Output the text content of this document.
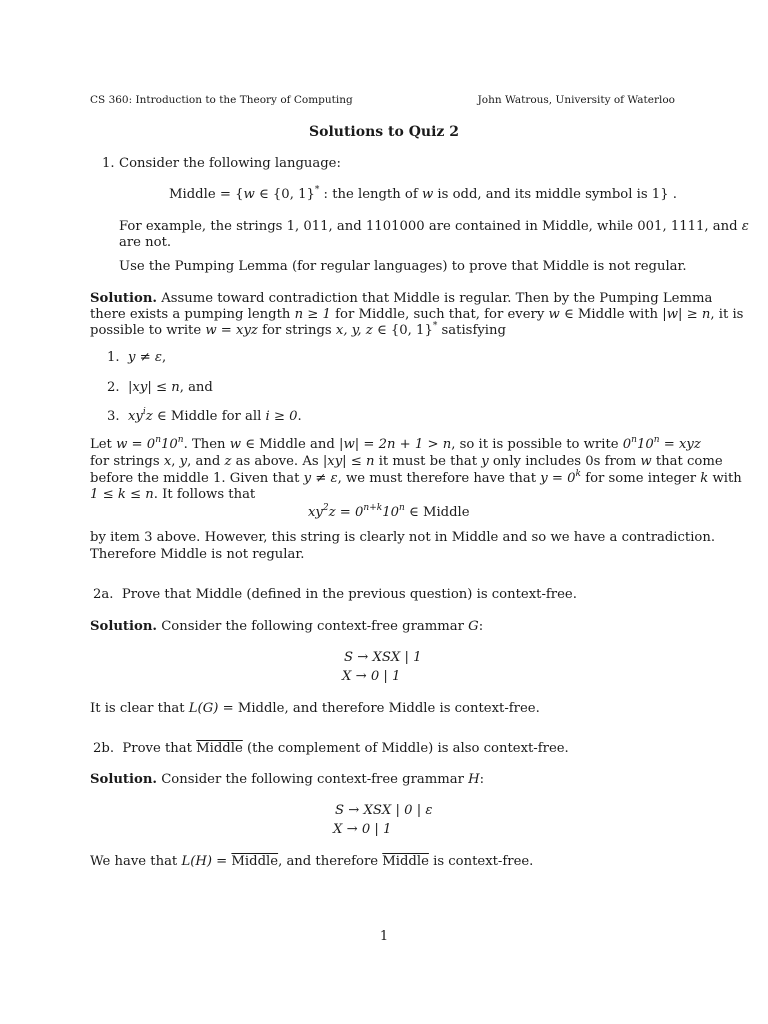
CS 360: Introduction to the Theory of Computing	John Watrous, University of Waterloo
Solutions to Quiz 2
1. Consider the following language:
Middle = {w ∈ {0, 1}* : the length of w is odd, and its middle symbol is 1} .
For example, the strings 1, 011, and 1101000 are contained in Middle, while 001, 1111, and ε
are not.
Use the Pumping Lemma (for regular languages) to prove that Middle is not regular.
Solution. Assume toward contradiction that Middle is regular. Then by the Pumping Lemma
there exists a pumping length n ≥ 1 for Middle, such that, for every w ∈ Middle with |w| ≥ n, it is
possible to write w = xyz for strings x, y, z ∈ {0, 1}* satisfying
1. y ≠ ε,
2. |xy| ≤ n, and
3. $xy^iz$ ∈ Middle for all i ≥ 0.
Let $w = 0^n10^n$. Then w ∈ Middle and |w| = 2n + 1 > n, so it is possible to write $0^n10^n$ = xyz
for strings x, y, and z as above. As |xy| ≤ n it must be that y only includes 0s from w that come
before the middle 1. Given that y ≠ ε, we must therefore have that $y = 0^k$ for some integer k with
1 ≤ k ≤ n. It follows that
$xy^2z = 0^{n+k}10^n$ ∈ Middle
by item 3 above. However, this string is clearly not in Middle and so we have a contradiction.
Therefore Middle is not regular.
2a. Prove that Middle (defined in the previous question) is context-free.
Solution. Consider the following context-free grammar G:
S → XSX | 1
X → 0 | 1
It is clear that L(G) = Middle, and therefore Middle is context-free.
2b. Prove that Middle (the complement of Middle) is also context-free.
Solution. Consider the following context-free grammar H:
S → XSX | 0 | ε
X → 0 | 1
We have that L(H) = Middle, and therefore Middle is context-free.
1
